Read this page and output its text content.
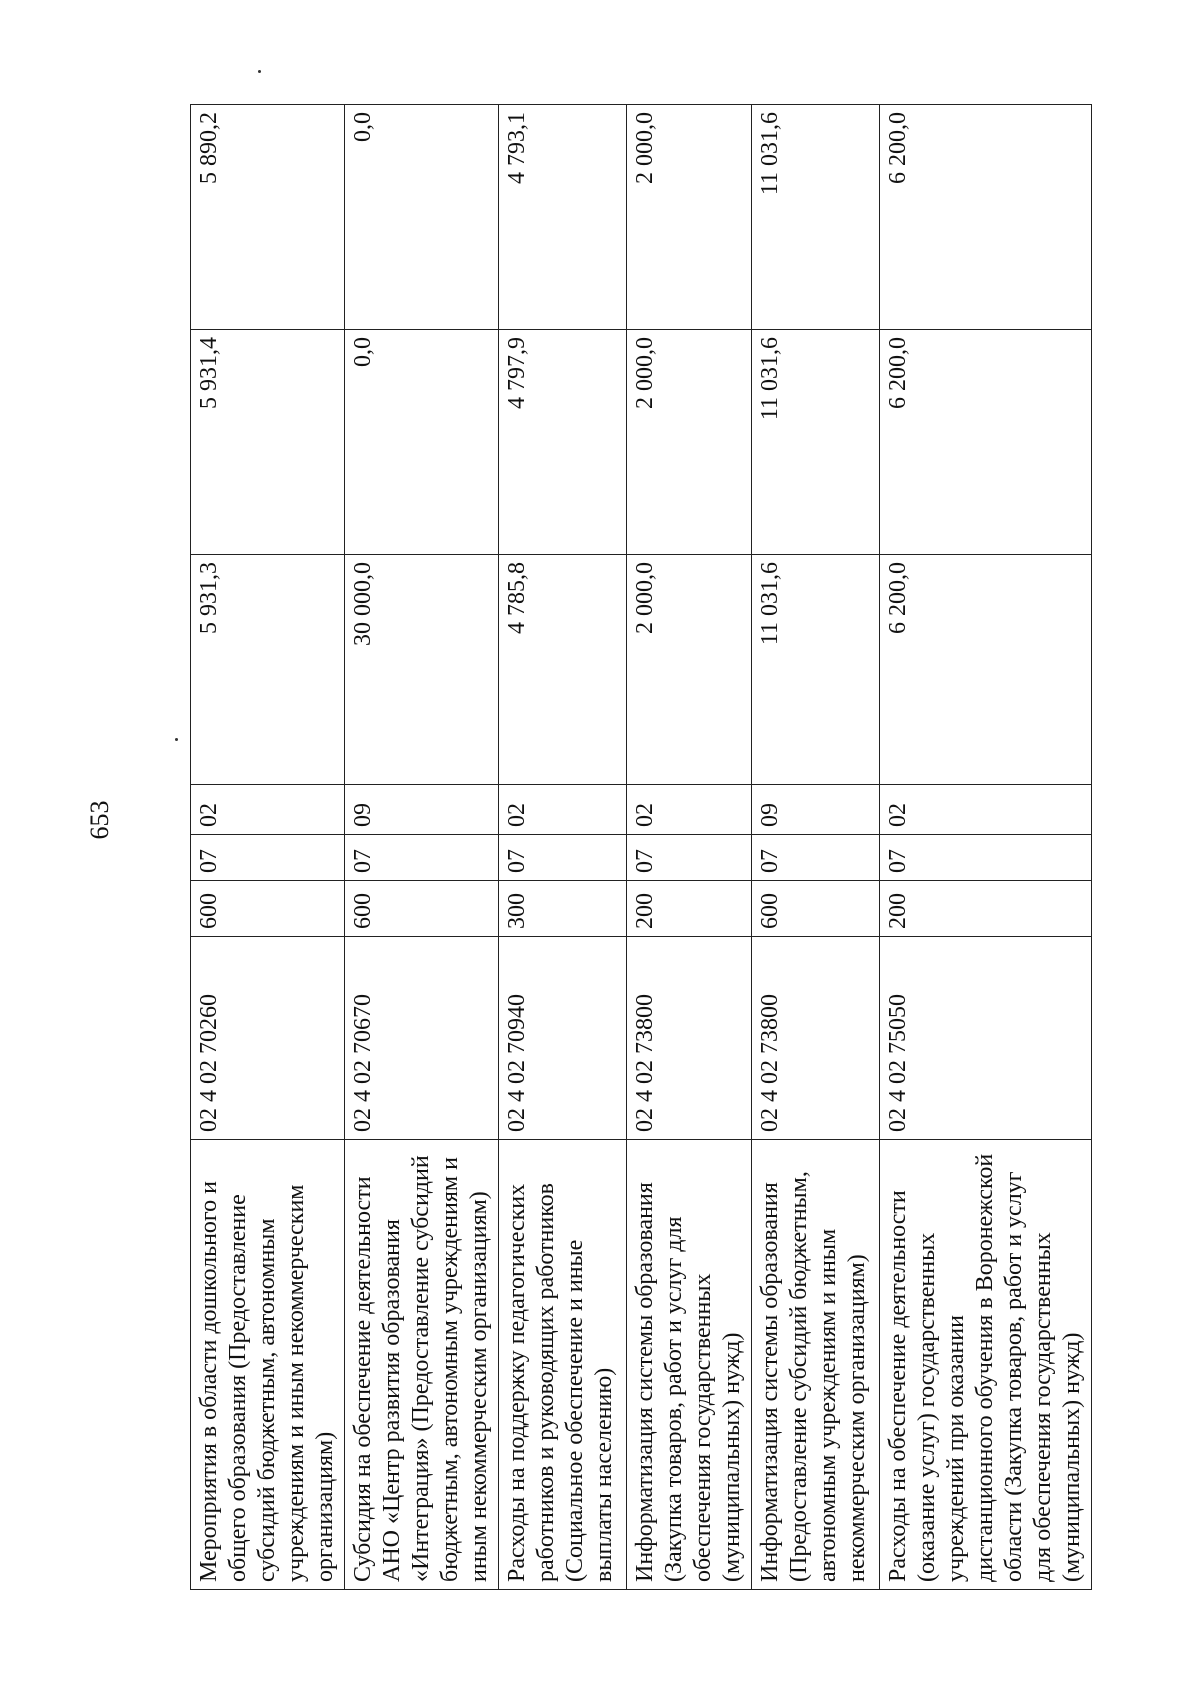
653
Мероприятия в области дошкольного и общего образования (Предоставление субсидий бюджетным, автономным учреждениям и иным некоммерческим организациям)	02 4 02 70260	600	07	02	5 931,3	5 931,4	5 890,2
Субсидия на обеспечение деятельности АНО «Центр развития образования «Интеграция» (Предоставление субсидий бюджетным, автономным учреждениям и иным некоммерческим организациям)	02 4 02 70670	600	07	09	30 000,0	0,0	0,0
Расходы на поддержку педагогических работников и руководящих работников (Социальное обеспечение и иные выплаты населению)	02 4 02 70940	300	07	02	4 785,8	4 797,9	4 793,1
Информатизация системы образования (Закупка товаров, работ и услуг для обеспечения государственных (муниципальных) нужд)	02 4 02 73800	200	07	02	2 000,0	2 000,0	2 000,0
Информатизация системы образования (Предоставление субсидий бюджетным, автономным учреждениям и иным некоммерческим организациям)	02 4 02 73800	600	07	09	11 031,6	11 031,6	11 031,6
Расходы на обеспечение деятельности (оказание услуг) государственных учреждений при оказании дистанционного обучения в Воронежской области (Закупка товаров, работ и услуг для обеспечения государственных (муниципальных) нужд)	02 4 02 75050	200	07	02	6 200,0	6 200,0	6 200,0
